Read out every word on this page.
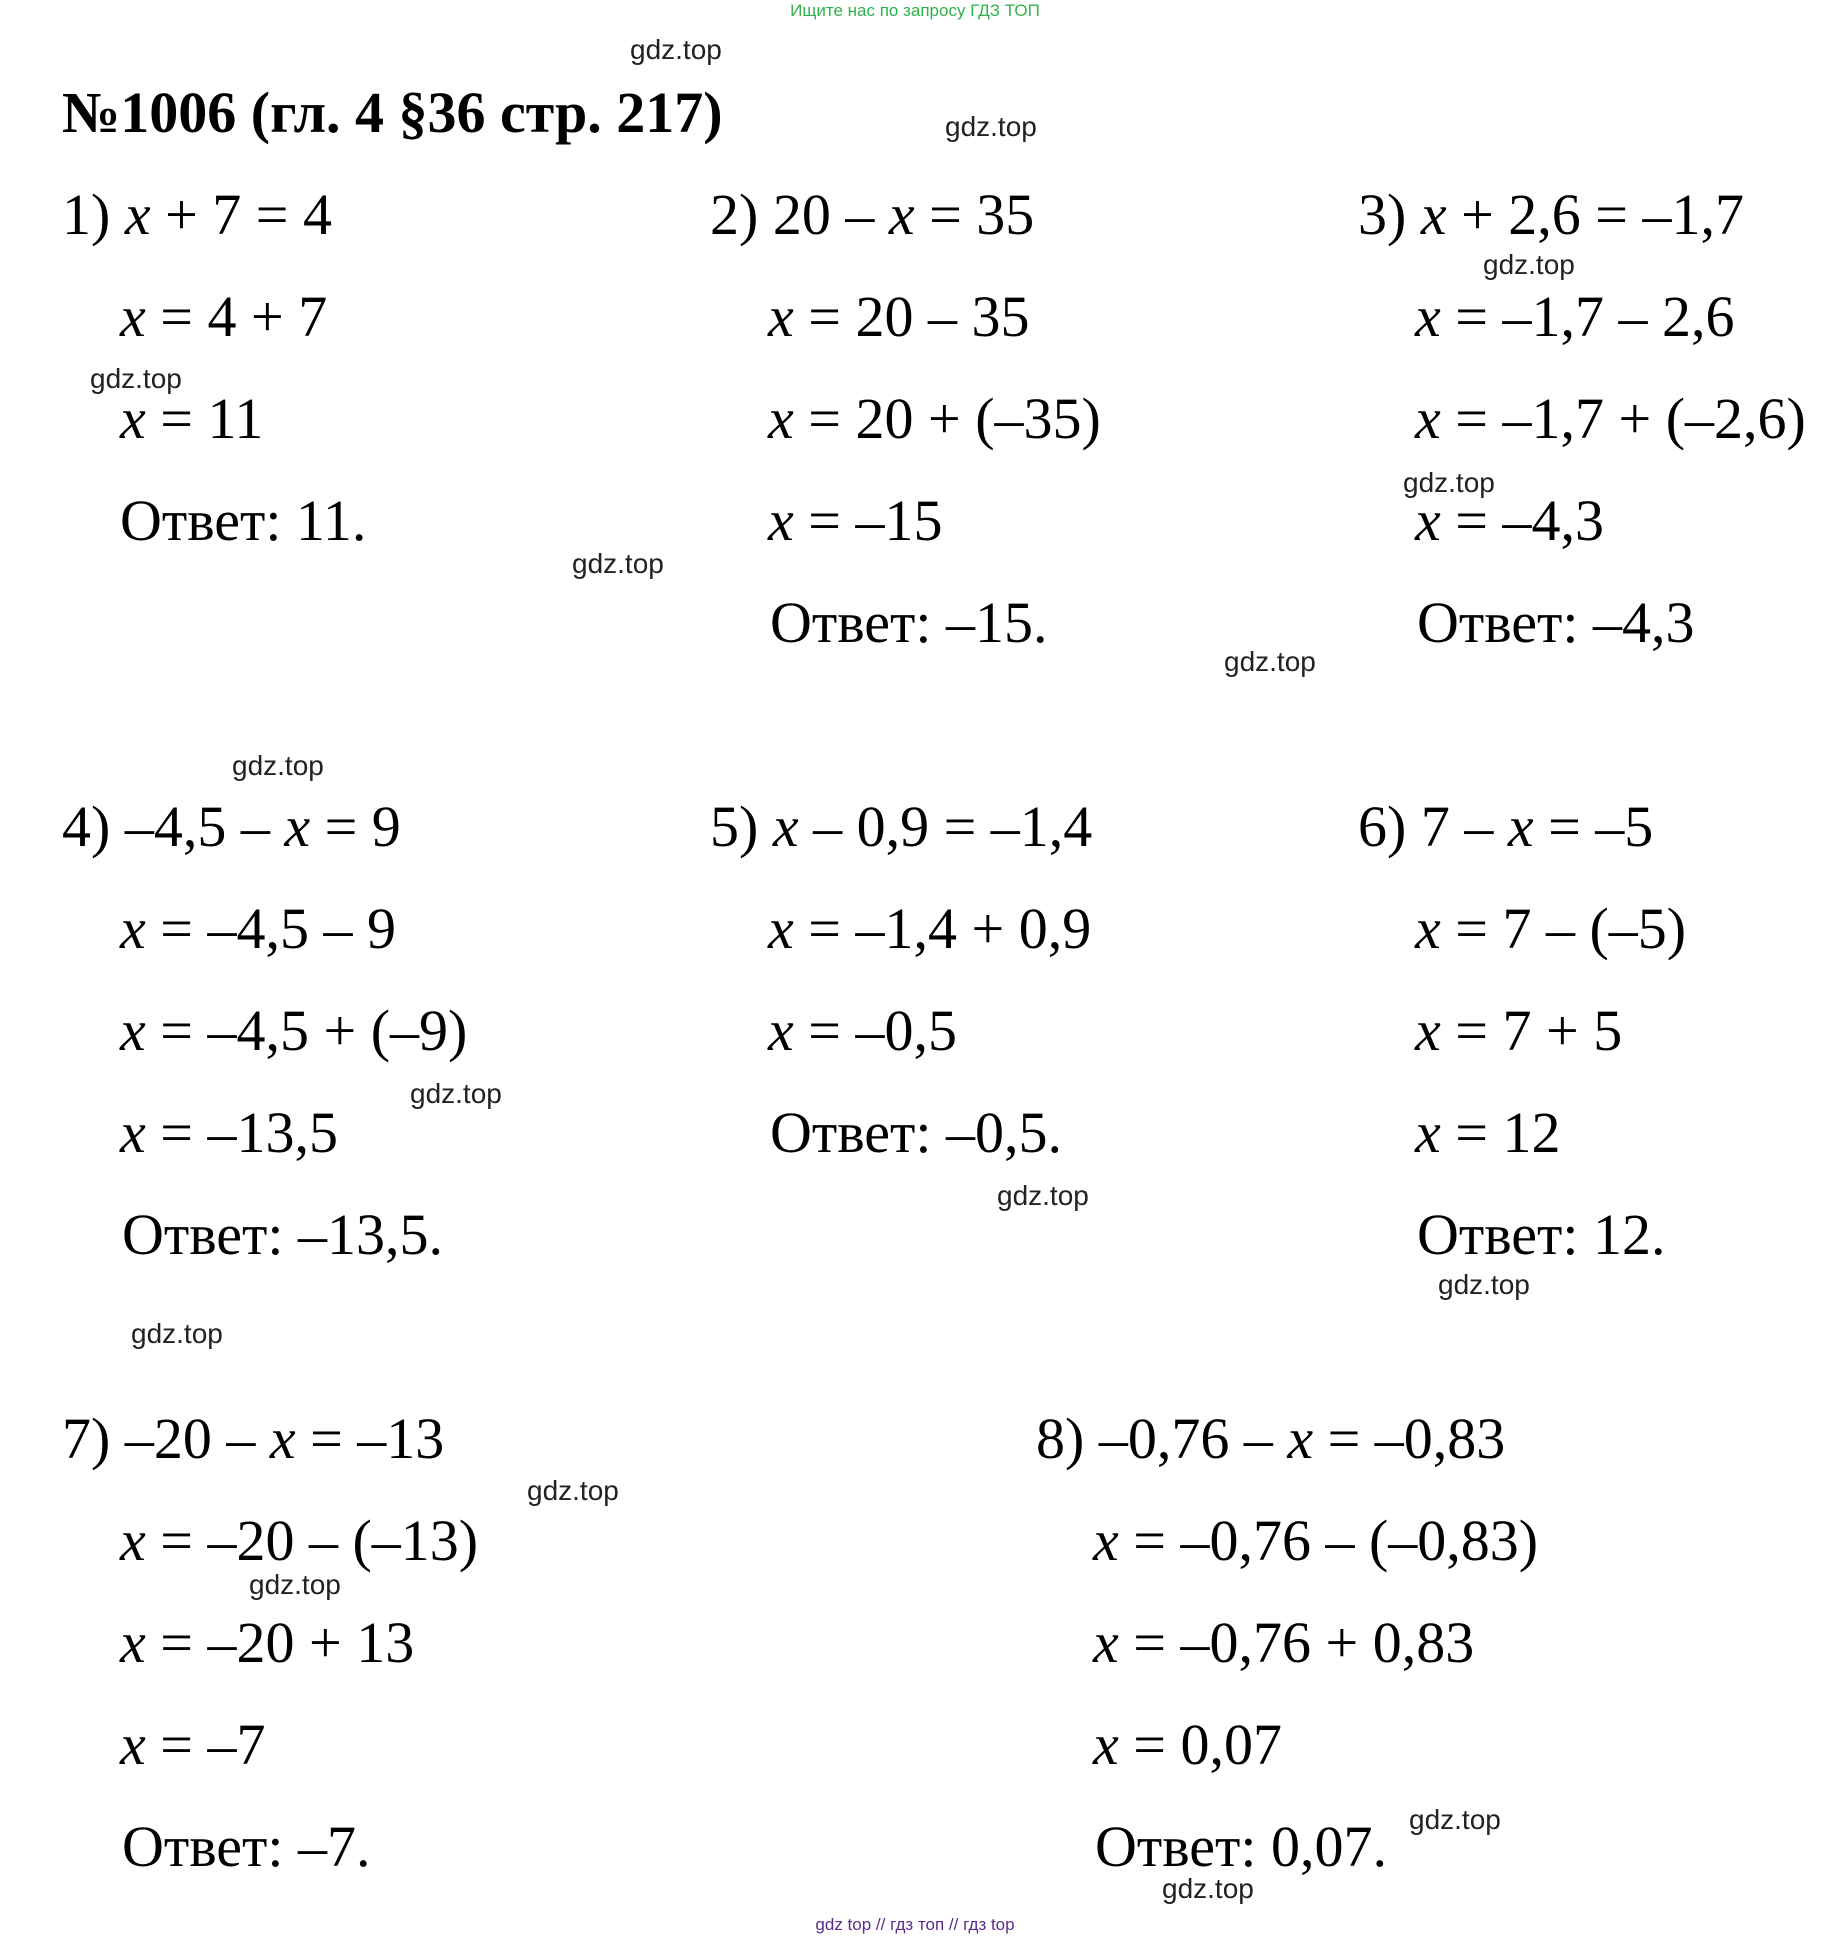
Ищите нас по запросу ГДЗ ТОП
№1006 (гл. 4 §36 стр. 217)
1) x + 7 = 4
x = 4 + 7
x = 11
Ответ: 11.
2) 20 – x = 35
x = 20 – 35
x = 20 + (–35)
x = –15
Ответ: –15.
3) x + 2,6 = –1,7
x = –1,7 – 2,6
x = –1,7 + (–2,6)
x = –4,3
Ответ: –4,3
4) –4,5 – x = 9
x = –4,5 – 9
x = –4,5 + (–9)
x = –13,5
Ответ: –13,5.
5) x – 0,9 = –1,4
x = –1,4 + 0,9
x = –0,5
Ответ: –0,5.
6) 7 – x = –5
x = 7 – (–5)
x = 7 + 5
x = 12
Ответ: 12.
7) –20 – x = –13
x = –20 – (–13)
x = –20 + 13
x = –7
Ответ: –7.
8) –0,76 – x = –0,83
x = –0,76 – (–0,83)
x = –0,76 + 0,83
x = 0,07
Ответ: 0,07.
gdz.top
gdz.top
gdz.top
gdz.top
gdz.top
gdz.top
gdz.top
gdz.top
gdz.top
gdz.top
gdz.top
gdz.top
gdz.top
gdz.top
gdz.top
gdz.top
gdz top // гдз топ // гдз top
